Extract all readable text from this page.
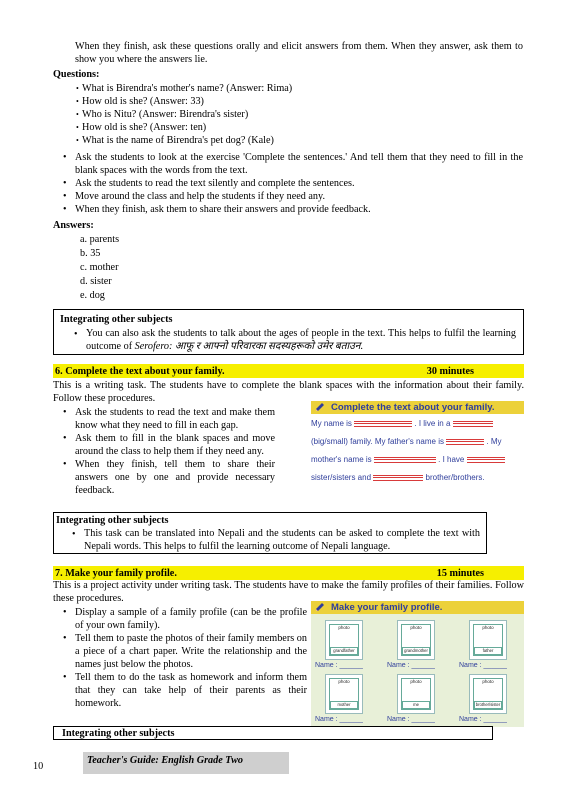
When they finish, ask these questions orally and elicit answers from them. When they answer, ask them to show you where the answers lie.
Questions:
• What is Birendra's mother's name? (Answer: Rima)
• How old is she? (Answer: 33)
• Who is Nitu? (Answer: Birendra's sister)
• How old is she? (Answer: ten)
• What is the name of Birendra's pet dog? (Kale)
• Ask the students to look at the exercise 'Complete the sentences.' And tell them that they need to fill in the blank spaces with the words from the text.
• Ask the students to read the text silently and complete the sentences.
• Move around the class and help the students if they need any.
• When they finish, ask them to share their answers and provide feedback.
Answers:
a. parents
b. 35
c. mother
d. sister
e. dog
Integrating other subjects
You can also ask the students to talk about the ages of people in the text. This helps to fulfil the learning outcome of Serofero: आफू र आफ्नो परिवारका सदस्यहरूको उमेर बताउन.
6. Complete the text about your family.	30 minutes
This is a writing task. The students have to complete the blank spaces with the information about their family. Follow these procedures.
• Ask the students to read the text and make them know what they need to fill in each gap.
• Ask them to fill in the blank spaces and move around the class to help them if they need any.
• When they finish, tell them to share their answers one by one and provide necessary feedback.
Complete the text about your family.
My name is	. I live in a
(big/small) family. My father's name is	. My
mother's name is	. I have
sister/sisters and	brother/brothers.
Integrating other subjects
This task can be translated into Nepali and the students can be asked to complete the text with Nepali words. This helps to fulfil the learning outcome of Nepali language.
7. Make your family profile.	15 minutes
This is a project activity under writing task. The students have to make the family profiles of their families. Follow these procedures.
• Display a sample of a family profile (can be the profile of your own family).
• Tell them to paste the photos of their family members on a piece of a chart paper. Write the relationship and the names just below the photos.
• Tell them to do the task as homework and inform them that they can take help of their parents as their homework.
Make your family profile.
photo
grandfather
photo
grandmother
photo
father
Name : ______	Name : ______	Name : ______
photo
mother
photo
me
photo
brother/sister
Name : ______	Name : ______	Name : ______
Integrating other subjects
10
Teacher's Guide: English Grade Two
